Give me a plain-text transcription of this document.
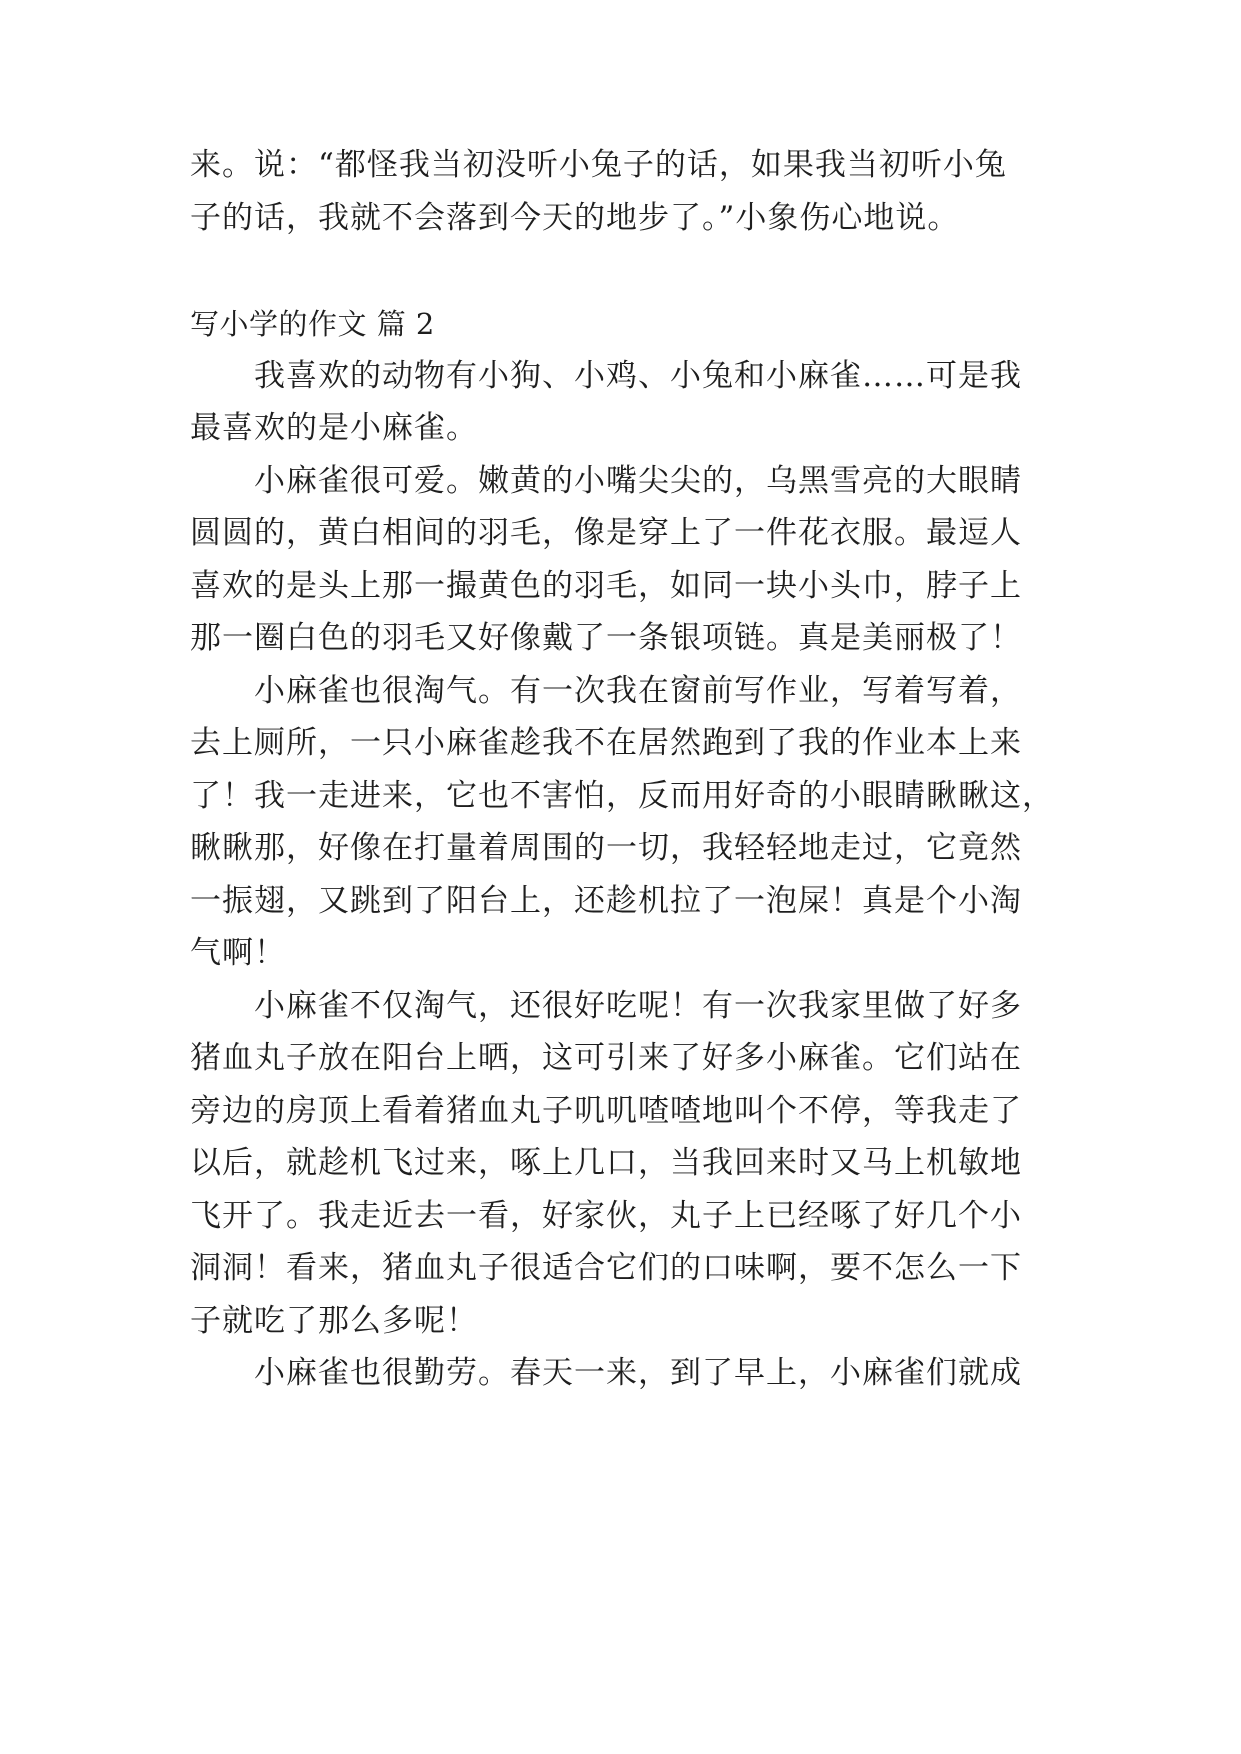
来。说：“都怪我当初没听小兔子的话，如果我当初听小兔
子的话，我就不会落到今天的地步了。”小象伤心地说。
写小学的作文 篇 2
我喜欢的动物有小狗、小鸡、小兔和小麻雀……可是我
最喜欢的是小麻雀。
小麻雀很可爱。嫩黄的小嘴尖尖的，乌黑雪亮的大眼睛
圆圆的，黄白相间的羽毛，像是穿上了一件花衣服。最逗人
喜欢的是头上那一撮黄色的羽毛，如同一块小头巾，脖子上
那一圈白色的羽毛又好像戴了一条银项链。真是美丽极了！
小麻雀也很淘气。有一次我在窗前写作业，写着写着，
去上厕所，一只小麻雀趁我不在居然跑到了我的作业本上来
了！我一走进来，它也不害怕，反而用好奇的小眼睛瞅瞅这，
瞅瞅那，好像在打量着周围的一切，我轻轻地走过，它竟然
一振翅，又跳到了阳台上，还趁机拉了一泡屎！真是个小淘
气啊！
小麻雀不仅淘气，还很好吃呢！有一次我家里做了好多
猪血丸子放在阳台上晒，这可引来了好多小麻雀。它们站在
旁边的房顶上看着猪血丸子叽叽喳喳地叫个不停，等我走了
以后，就趁机飞过来，啄上几口，当我回来时又马上机敏地
飞开了。我走近去一看，好家伙，丸子上已经啄了好几个小
洞洞！看来，猪血丸子很适合它们的口味啊，要不怎么一下
子就吃了那么多呢！
小麻雀也很勤劳。春天一来，到了早上，小麻雀们就成
